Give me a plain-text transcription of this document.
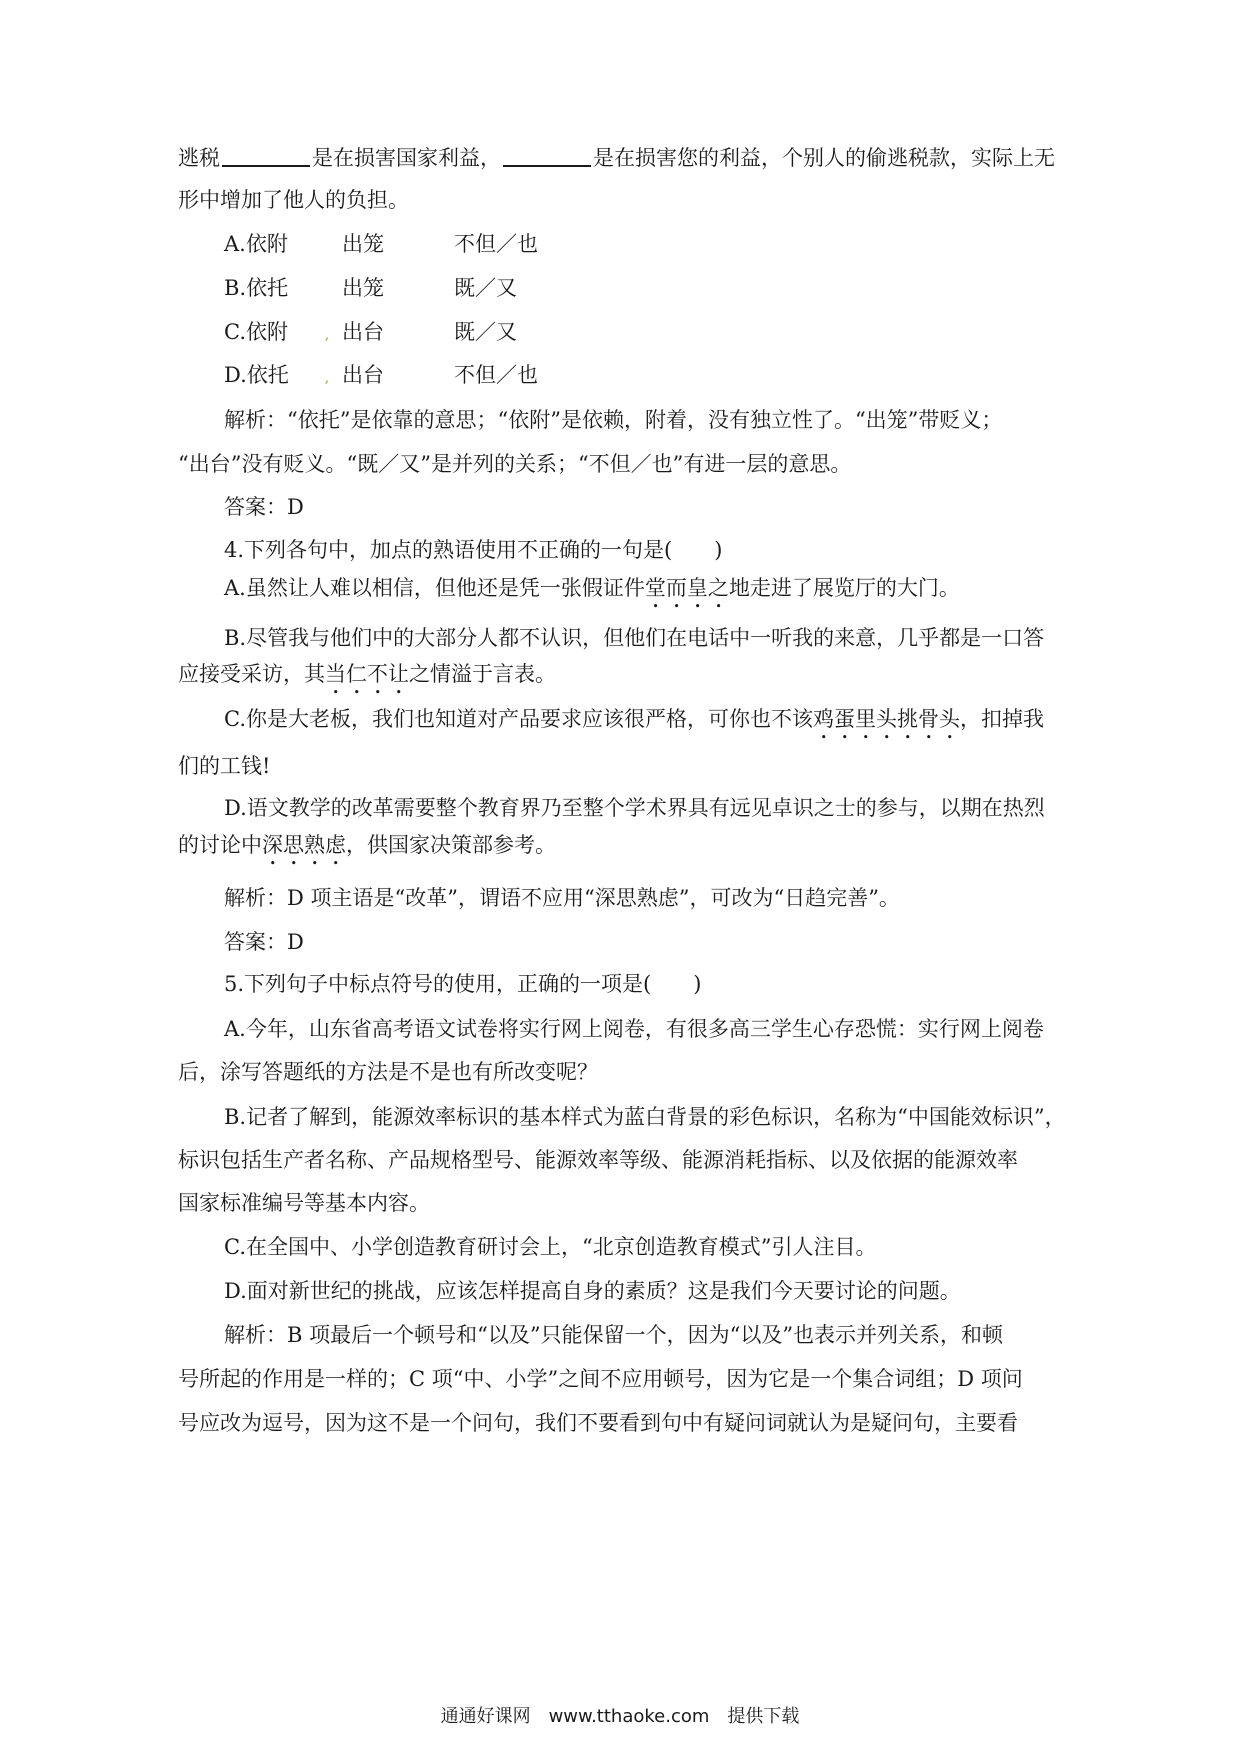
逃税	是在损害国家利益，	是在损害您的利益，个别人的偷逃税款，实际上无
形中增加了他人的负担。
A.依附	出笼	不但／也
B.依托	出笼	既／又
C.依附	, 出台	既／又
D.依托	, 出台	不但／也
解析：“依托”是依靠的意思；“依附”是依赖，附着，没有独立性了。“出笼”带贬义；
“出台”没有贬义。“既／又”是并列的关系；“不但／也”有进一层的意思。
答案：D
4.下列各句中，加点的熟语使用不正确的一句是(　　)
A.虽然让人难以相信，但他还是凭一张假证件堂而皇之地走进了展览厅的大门。
B.尽管我与他们中的大部分人都不认识，但他们在电话中一听我的来意，几乎都是一口答
应接受采访，其当仁不让之情溢于言表。
C.你是大老板，我们也知道对产品要求应该很严格，可你也不该鸡蛋里头挑骨头，扣掉我
们的工钱!
D.语文教学的改革需要整个教育界乃至整个学术界具有远见卓识之士的参与，以期在热烈
的讨论中深思熟虑，供国家决策部参考。
解析：D 项主语是“改革”，谓语不应用“深思熟虑”，可改为“日趋完善”。
答案：D
5.下列句子中标点符号的使用，正确的一项是(　　)
A.今年，山东省高考语文试卷将实行网上阅卷，有很多高三学生心存恐慌：实行网上阅卷
后，涂写答题纸的方法是不是也有所改变呢？
B.记者了解到，能源效率标识的基本样式为蓝白背景的彩色标识，名称为“中国能效标识”，
标识包括生产者名称、产品规格型号、能源效率等级、能源消耗指标、以及依据的能源效率
国家标准编号等基本内容。
C.在全国中、小学创造教育研讨会上，“北京创造教育模式”引人注目。
D.面对新世纪的挑战，应该怎样提高自身的素质？这是我们今天要讨论的问题。
解析：B 项最后一个顿号和“以及”只能保留一个，因为“以及”也表示并列关系，和顿
号所起的作用是一样的；C 项“中、小学”之间不应用顿号，因为它是一个集合词组；D 项问
号应改为逗号，因为这不是一个问句，我们不要看到句中有疑问词就认为是疑问句，主要看
通通好课网　www.tthaoke.com　提供下载
